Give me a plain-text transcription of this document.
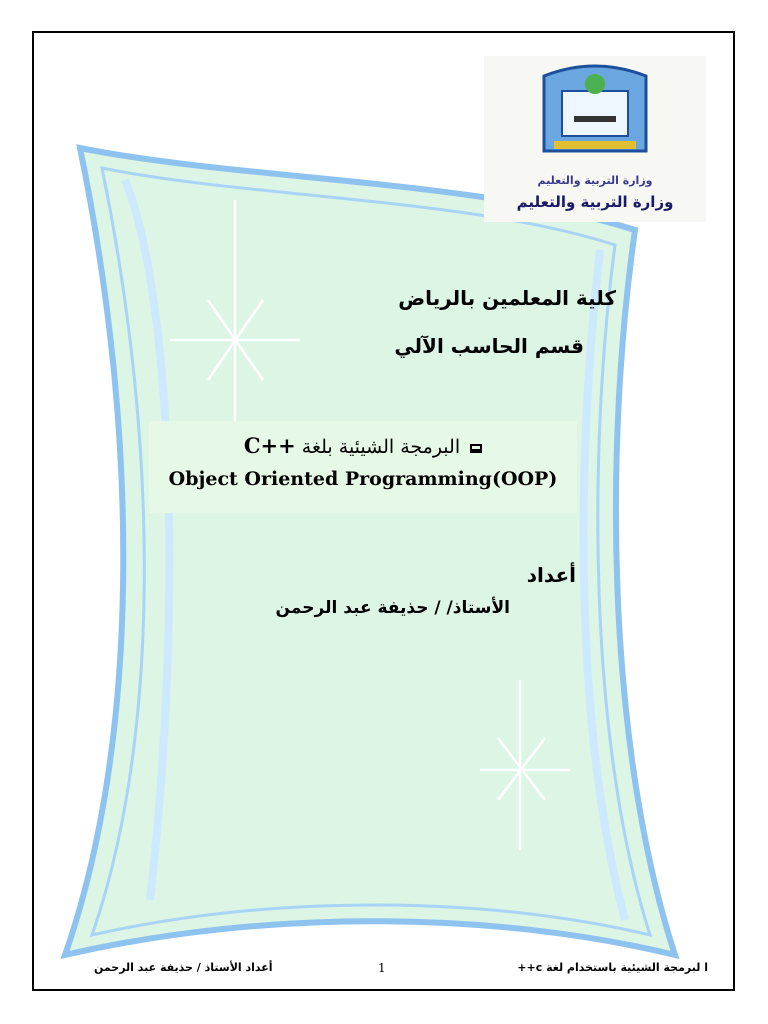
وزارة التربية والتعليم
وزارة التربية والتعليم
كلية المعلمين بالرياض
قسم الحاسب الآلي
البرمجة الشيئية بلغة C++
Object Oriented Programming(OOP)
أعداد
الأستاذ/ / حذيفة عبد الرحمن
ا لبرمجة الشيئية باستخدام لغة c++
1
أعداد الأستاذ / حذيفة عبد الرحمن
